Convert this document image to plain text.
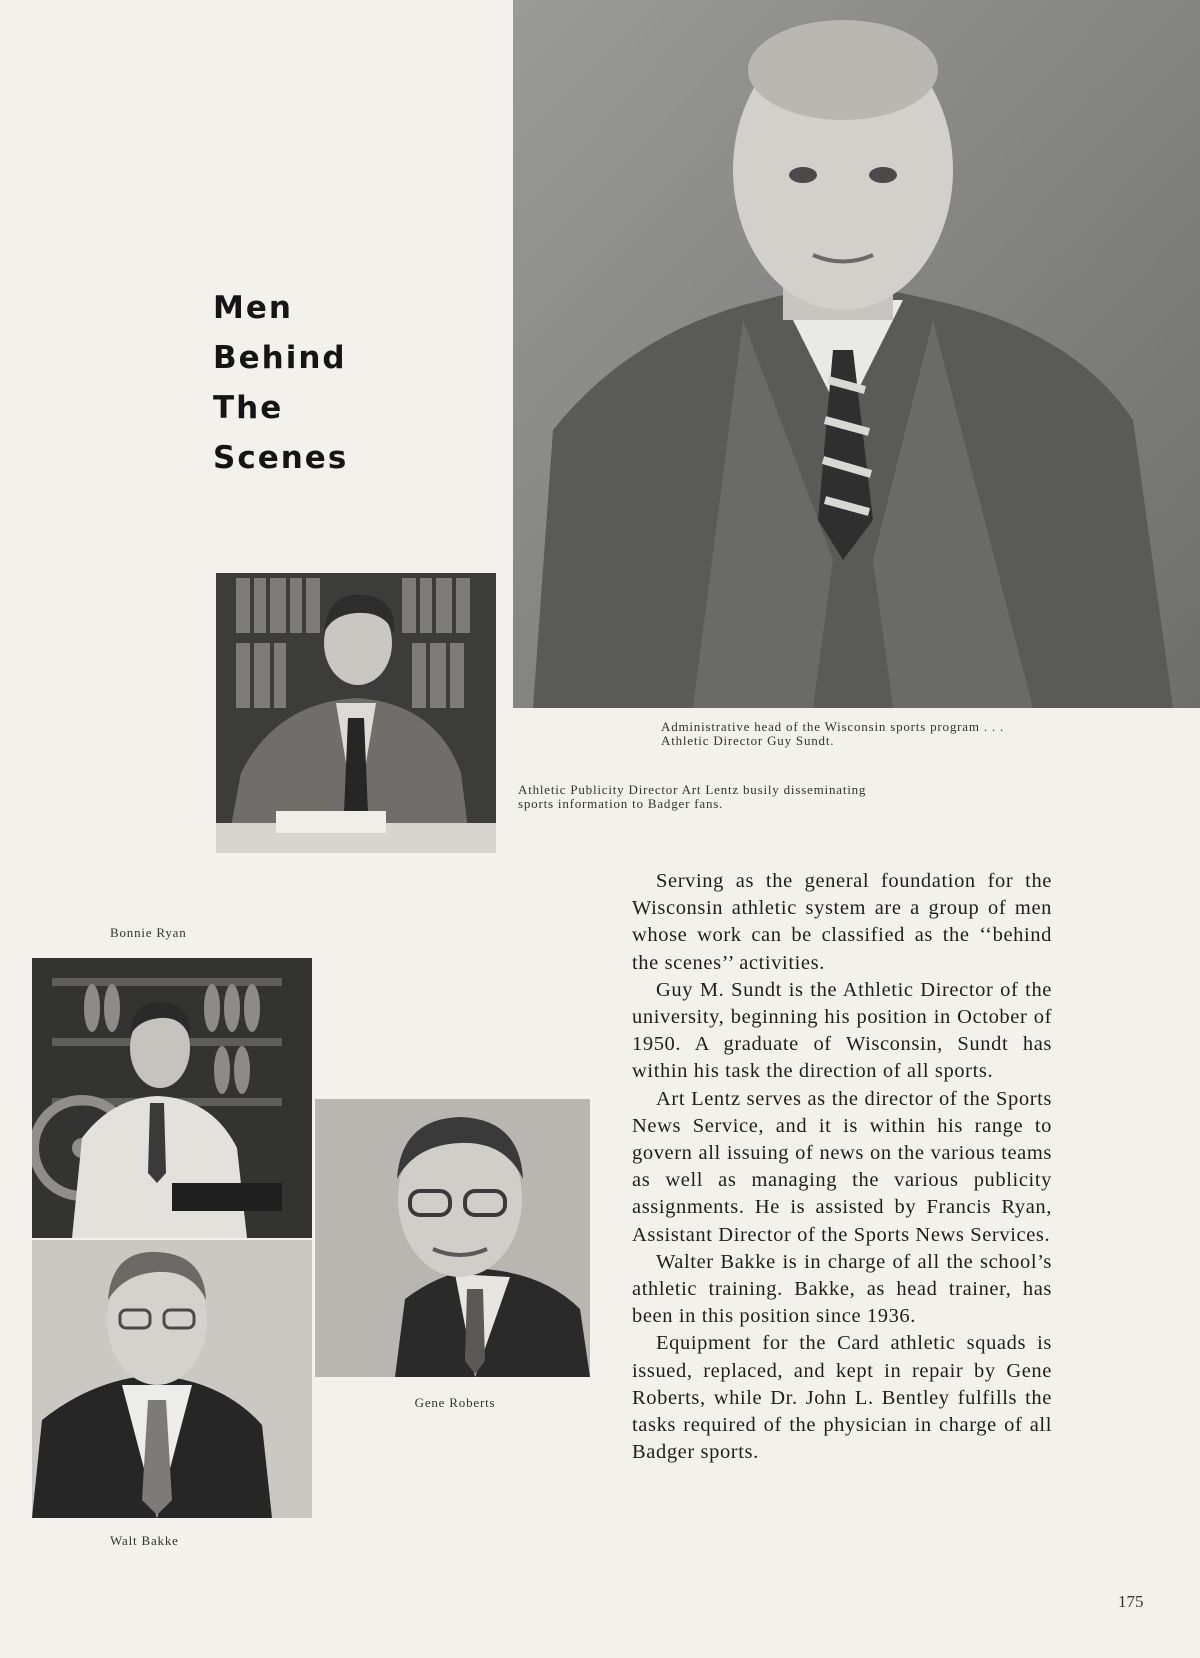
Men
Behind
The
Scenes
Administrative head of the Wisconsin sports program . . .
Athletic Director Guy Sundt.
Athletic Publicity Director Art Lentz busily disseminating
sports information to Badger fans.
Bonnie Ryan
Gene Roberts
Walt Bakke

Serving as the general foundation for the Wisconsin athletic system are a group of men whose work can be classified as the ‘‘behind the scenes’’ activities.

Guy M. Sundt is the Athletic Director of the university, beginning his position in October of 1950. A graduate of Wisconsin, Sundt has within his task the direction of all sports.

Art Lentz serves as the director of the Sports News Service, and it is within his range to govern all issuing of news on the various teams as well as managing the various publicity assignments. He is assisted by Francis Ryan, Assistant Director of the Sports News Services.

Walter Bakke is in charge of all the school’s athletic training. Bakke, as head trainer, has been in this position since 1936.

Equipment for the Card athletic squads is issued, replaced, and kept in repair by Gene Roberts, while Dr. John L. Bentley fulfills the tasks required of the physician in charge of all Badger sports.

175
